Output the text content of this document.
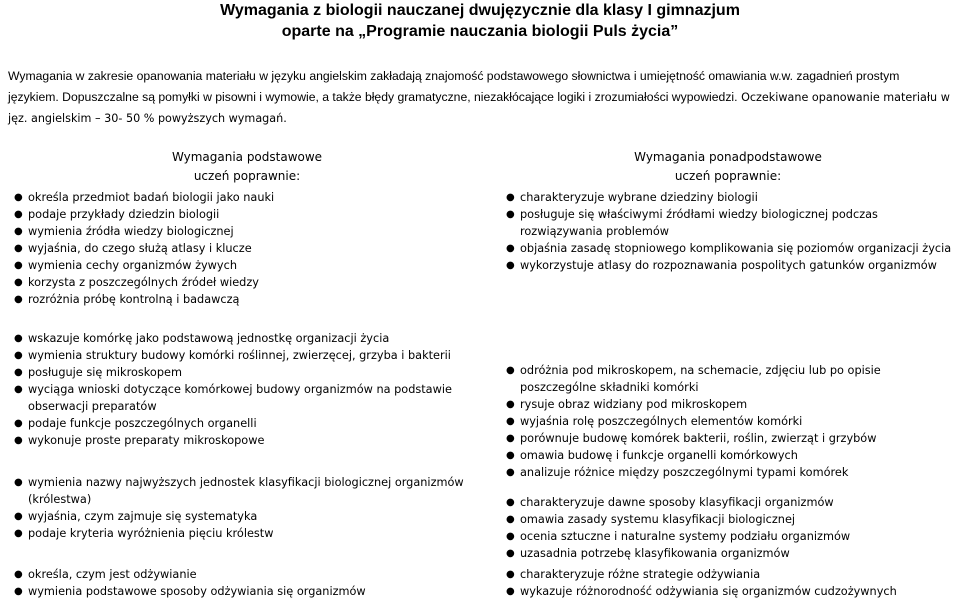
Wymagania z biologii nauczanej dwujęzycznie dla klasy I gimnazjum
oparte na „Programie nauczania biologii Puls życia”

Wymagania w zakresie opanowania materiału w języku angielskim zakładają znajomość podstawowego słownictwa i umiejętność omawiania w.w. zagadnień prostym językiem. Dopuszczalne są pomyłki w pisowni i wymowie, a także błędy gramatyczne, niezakłócające logiki i zrozumiałości wypowiedzi. Oczekiwane opanowanie materiału w jęz. angielskim – 30- 50 % powyższych wymagań.

Wymagania podstawowe
uczeń poprawnie:
Wymagania ponadpodstawowe
uczeń poprawnie:
● określa przedmiot badań biologii jako nauki
● podaje przykłady dziedzin biologii
● wymienia źródła wiedzy biologicznej
● wyjaśnia, do czego służą atlasy i klucze
● wymienia cechy organizmów żywych
● korzysta z poszczególnych źródeł wiedzy
● rozróżnia próbę kontrolną i badawczą
● charakteryzuje wybrane dziedziny biologii
● posługuje się właściwymi źródłami wiedzy biologicznej podczas rozwiązywania problemów
● objaśnia zasadę stopniowego komplikowania się poziomów organizacji życia
● wykorzystuje atlasy do rozpoznawania pospolitych gatunków organizmów
● wskazuje komórkę jako podstawową jednostkę organizacji życia
● wymienia struktury budowy komórki roślinnej, zwierzęcej, grzyba i bakterii
● posługuje się mikroskopem
● wyciąga wnioski dotyczące komórkowej budowy organizmów na podstawie obserwacji preparatów
● podaje funkcje poszczególnych organelli
● wykonuje proste preparaty mikroskopowe
● odróżnia pod mikroskopem, na schemacie, zdjęciu lub po opisie poszczególne składniki komórki
● rysuje obraz widziany pod mikroskopem
● wyjaśnia rolę poszczególnych elementów komórki
● porównuje budowę komórek bakterii, roślin, zwierząt i grzybów
● omawia budowę i funkcje organelli komórkowych
● analizuje różnice między poszczególnymi typami komórek
● wymienia nazwy najwyższych jednostek klasyfikacji biologicznej organizmów (królestwa)
● wyjaśnia, czym zajmuje się systematyka
● podaje kryteria wyróżnienia pięciu królestw
● charakteryzuje dawne sposoby klasyfikacji organizmów
● omawia zasady systemu klasyfikacji biologicznej
● ocenia sztuczne i naturalne systemy podziału organizmów
● uzasadnia potrzebę klasyfikowania organizmów
● określa, czym jest odżywianie
● wymienia podstawowe sposoby odżywiania się organizmów
● charakteryzuje różne strategie odżywiania
● wykazuje różnorodność odżywiania się organizmów cudzożywnych
